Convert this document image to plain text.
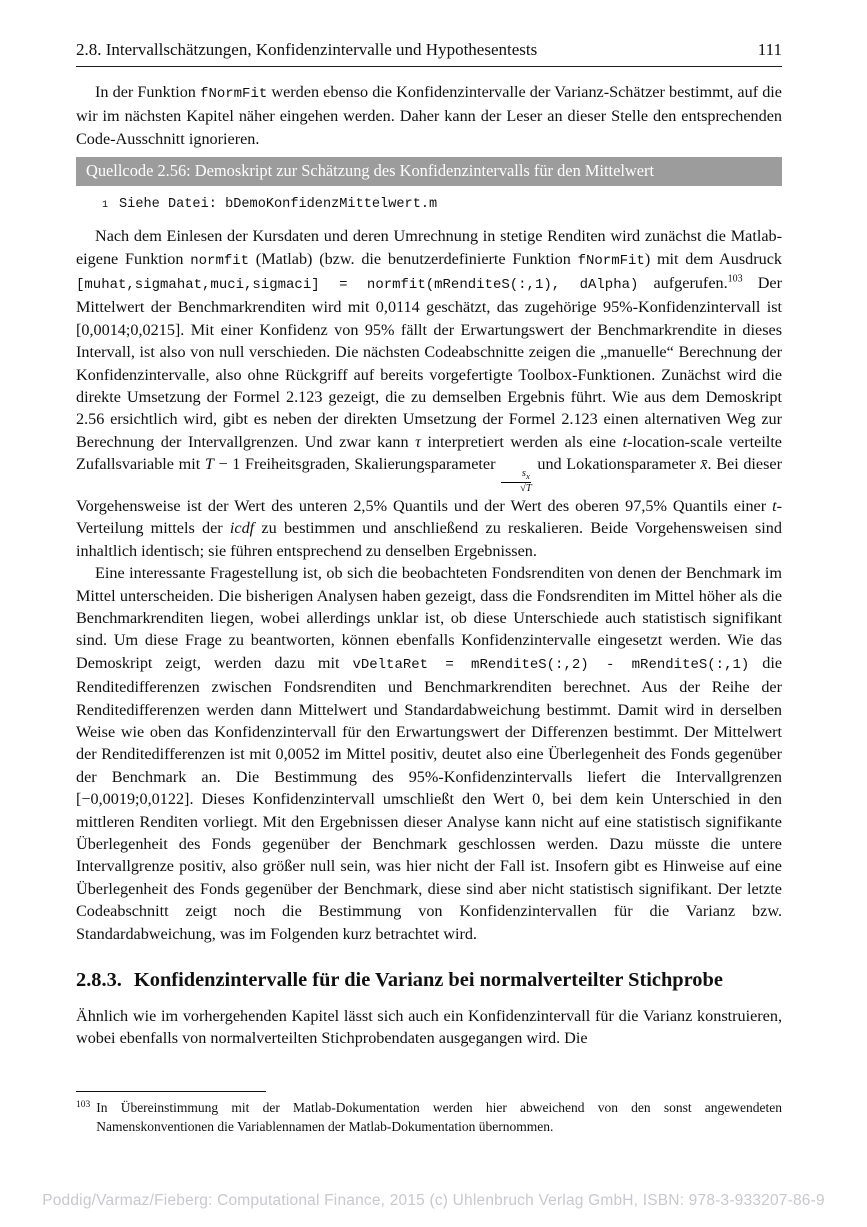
2.8. Intervallschätzungen, Konfidenzintervalle und Hypothesentests	111

In der Funktion fNormFit werden ebenso die Konfidenzintervalle der Varianz-Schätzer bestimmt, auf die wir im nächsten Kapitel näher eingehen werden. Daher kann der Leser an dieser Stelle den entsprechenden Code-Ausschnitt ignorieren.

Quellcode 2.56: Demoskript zur Schätzung des Konfidenzintervalls für den Mittelwert
1 Siehe Datei: bDemoKonfidenzMittelwert.m

Nach dem Einlesen der Kursdaten und deren Umrechnung in stetige Renditen wird zunächst die Matlab-eigene Funktion normfit (Matlab) (bzw. die benutzerdefinierte Funktion fNormFit) mit dem Ausdruck [muhat,sigmahat,muci,sigmaci] = normfit(mRenditeS(:,1), dAlpha) aufgerufen.$^{103}$ Der Mittelwert der Benchmarkrenditen wird mit 0,0114 geschätzt, das zugehörige 95%-Konfidenzintervall ist [0,0014;0,0215]. Mit einer Konfidenz von 95% fällt der Erwartungswert der Benchmarkrendite in dieses Intervall, ist also von null verschieden. Die nächsten Codeabschnitte zeigen die „manuelle“ Berechnung der Konfidenzintervalle, also ohne Rückgriff auf bereits vorgefertigte Toolbox-Funktionen. Zunächst wird die direkte Umsetzung der Formel 2.123 gezeigt, die zu demselben Ergebnis führt. Wie aus dem Demoskript 2.56 ersichtlich wird, gibt es neben der direkten Umsetzung der Formel 2.123 einen alternativen Weg zur Berechnung der Intervallgrenzen. Und zwar kann τ interpretiert werden als eine t-location-scale verteilte Zufallsvariable mit T − 1 Freiheitsgraden, Skalierungsparameter
$\frac{s_x}{√T}$
und Lokationsparameter x̄. Bei dieser Vorgehensweise ist der Wert des unteren 2,5% Quantils und der Wert des oberen 97,5% Quantils einer t-Verteilung mittels der icdf zu bestimmen und anschließend zu reskalieren. Beide Vorgehensweisen sind inhaltlich identisch; sie führen entsprechend zu denselben Ergebnissen.

Eine interessante Fragestellung ist, ob sich die beobachteten Fondsrenditen von denen der Benchmark im Mittel unterscheiden. Die bisherigen Analysen haben gezeigt, dass die Fondsrenditen im Mittel höher als die Benchmarkrenditen liegen, wobei allerdings unklar ist, ob diese Unterschiede auch statistisch signifikant sind. Um diese Frage zu beantworten, können ebenfalls Konfidenzintervalle eingesetzt werden. Wie das Demoskript zeigt, werden dazu mit vDeltaRet = mRenditeS(:,2) - mRenditeS(:,1) die Renditedifferenzen zwischen Fondsrenditen und Benchmarkrenditen berechnet. Aus der Reihe der Renditedifferenzen werden dann Mittelwert und Standardabweichung bestimmt. Damit wird in derselben Weise wie oben das Konfidenzintervall für den Erwartungswert der Differenzen bestimmt. Der Mittelwert der Renditedifferenzen ist mit 0,0052 im Mittel positiv, deutet also eine Überlegenheit des Fonds gegenüber der Benchmark an. Die Bestimmung des 95%-Konfidenzintervalls liefert die Intervallgrenzen [−0,0019;0,0122]. Dieses Konfidenzintervall umschließt den Wert 0, bei dem kein Unterschied in den mittleren Renditen vorliegt. Mit den Ergebnissen dieser Analyse kann nicht auf eine statistisch signifikante Überlegenheit des Fonds gegenüber der Benchmark geschlossen werden. Dazu müsste die untere Intervallgrenze positiv, also größer null sein, was hier nicht der Fall ist. Insofern gibt es Hinweise auf eine Überlegenheit des Fonds gegenüber der Benchmark, diese sind aber nicht statistisch signifikant. Der letzte Codeabschnitt zeigt noch die Bestimmung von Konfidenzintervallen für die Varianz bzw. Standardabweichung, was im Folgenden kurz betrachtet wird.

2.8.3. Konfidenzintervalle für die Varianz bei normalverteilter Stichprobe

Ähnlich wie im vorhergehenden Kapitel lässt sich auch ein Konfidenzintervall für die Varianz konstruieren, wobei ebenfalls von normalverteilten Stichprobendaten ausgegangen wird. Die

103 In Übereinstimmung mit der Matlab-Dokumentation werden hier abweichend von den sonst angewendeten Namenskonventionen die Variablennamen der Matlab-Dokumentation übernommen.
Poddig/Varmaz/Fieberg: Computational Finance, 2015 (c) Uhlenbruch Verlag GmbH, ISBN: 978-3-933207-86-9
